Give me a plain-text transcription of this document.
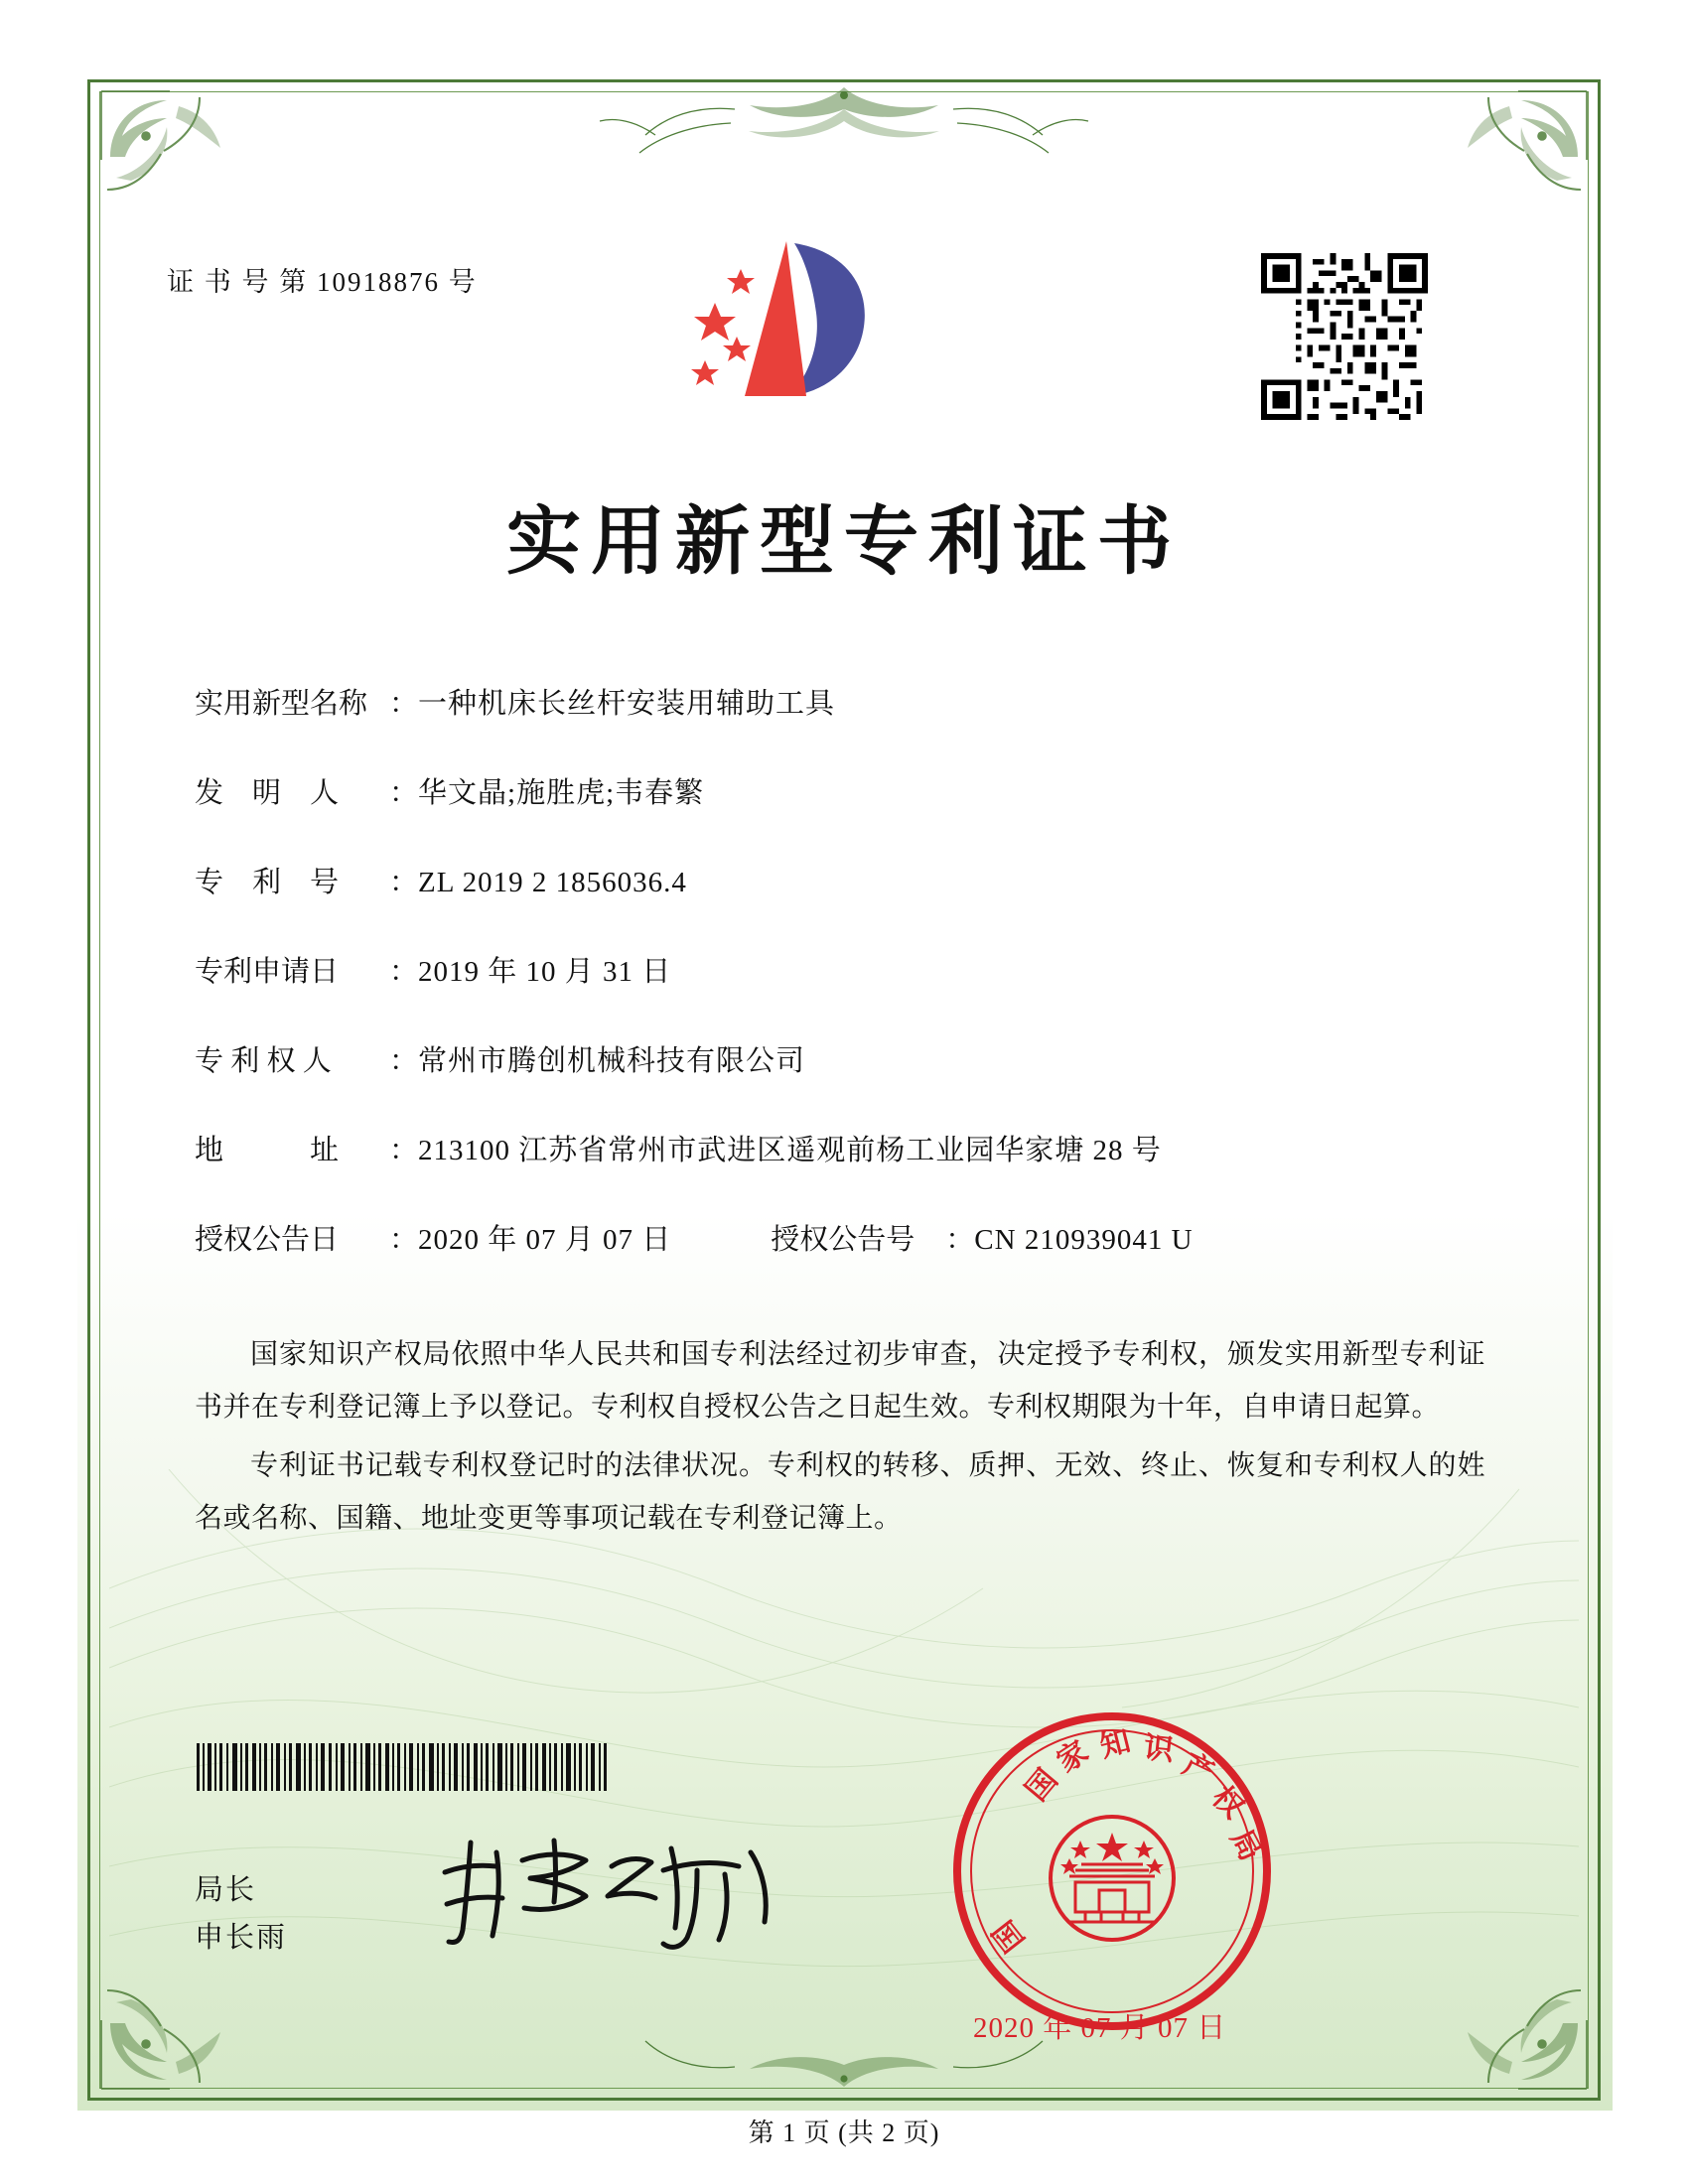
证 书 号 第 10918876 号
实用新型专利证书
实用新型名称 ： 一种机床长丝杆安装用辅助工具
发　明　人	： 华文晶;施胜虎;韦春繁
专　利　号	： ZL 2019 2 1856036.4
专利申请日	： 2019 年 10 月 31 日
专 利 权 人	： 常州市腾创机械科技有限公司
地　　　址	： 213100 江苏省常州市武进区遥观前杨工业园华家塘 28 号
授权公告日	： 2020 年 07 月 07 日	授权公告号	： CN 210939041 U

国家知识产权局依照中华人民共和国专利法经过初步审查，决定授予专利权，颁发实用新型专利证书并在专利登记簿上予以登记。专利权自授权公告之日起生效。专利权期限为十年，自申请日起算。

专利证书记载专利权登记时的法律状况。专利权的转移、质押、无效、终止、恢复和专利权人的姓名或名称、国籍、地址变更等事项记载在专利登记簿上。

局长
申长雨
国
家 知 识 产
权
局
国
2020 年 07 月 07 日
第 1 页 (共 2 页)
